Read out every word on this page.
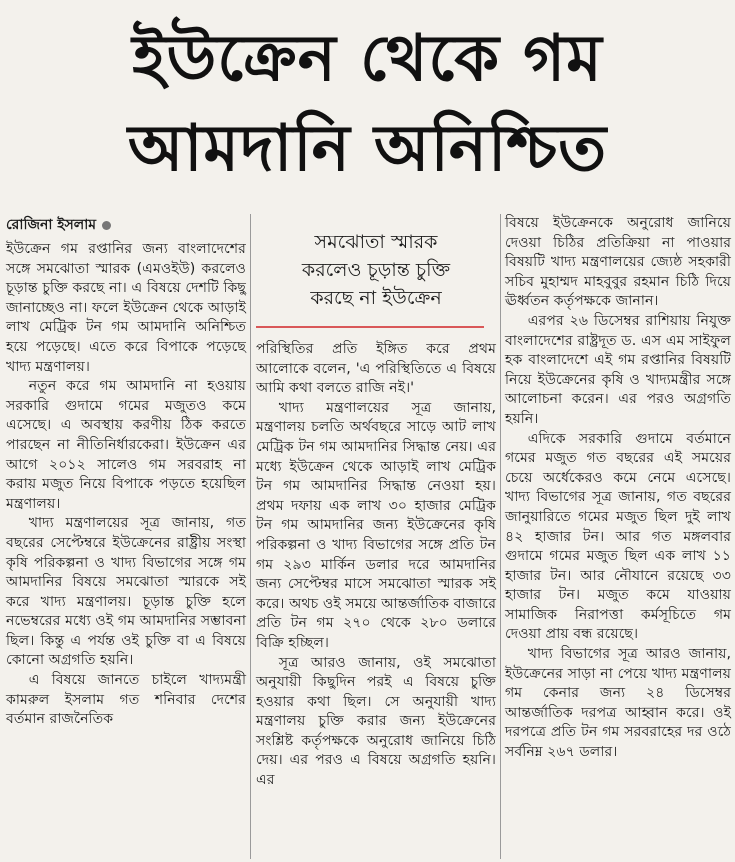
ইউক্রেন থেকে গম
আমদানি অনিশ্চিত
রোজিনা ইসলাম

ইউক্রেন গম রপ্তানির জন্য বাংলাদেশের সঙ্গে সমঝোতা স্মারক (এমওইউ) করলেও চূড়ান্ত চুক্তি করছে না। এ বিষয়ে দেশটি কিছু জানাচ্ছেও না। ফলে ইউক্রেন থেকে আড়াই লাখ মেট্রিক টন গম আমদানি অনিশ্চিত হয়ে পড়েছে। এতে করে বিপাকে পড়েছে খাদ্য মন্ত্রণালয়।

নতুন করে গম আমদানি না হওয়ায় সরকারি গুদামে গমের মজুতও কমে এসেছে। এ অবস্থায় করণীয় ঠিক করতে পারছেন না নীতিনির্ধারকেরা। ইউক্রেন এর আগে ২০১২ সালেও গম সরবরাহ না করায় মজুত নিয়ে বিপাকে পড়তে হয়েছিল মন্ত্রণালয়।

খাদ্য মন্ত্রণালয়ের সূত্র জানায়, গত বছরের সেপ্টেম্বরে ইউক্রেনের রাষ্ট্রীয় সংস্থা কৃষি পরিকল্পনা ও খাদ্য বিভাগের সঙ্গে গম আমদানির বিষয়ে সমঝোতা স্মারকে সই করে খাদ্য মন্ত্রণালয়। চূড়ান্ত চুক্তি হলে নভেম্বরের মধ্যে ওই গম আমদানির সম্ভাবনা ছিল। কিন্তু এ পর্যন্ত ওই চুক্তি বা এ বিষয়ে কোনো অগ্রগতি হয়নি।

এ বিষয়ে জানতে চাইলে খাদ্যমন্ত্রী কামরুল ইসলাম গত শনিবার দেশের বর্তমান রাজনৈতিক

সমঝোতা স্মারক
করলেও চূড়ান্ত চুক্তি
করছে না ইউক্রেন

পরিস্থিতির প্রতি ইঙ্গিত করে প্রথম আলোকে বলেন, 'এ পরিস্থিতিতে এ বিষয়ে আমি কথা বলতে রাজি নই।'

খাদ্য মন্ত্রণালয়ের সূত্র জানায়, মন্ত্রণালয় চলতি অর্থবছরে সাড়ে আট লাখ মেট্রিক টন গম আমদানির সিদ্ধান্ত নেয়। এর মধ্যে ইউক্রেন থেকে আড়াই লাখ মেট্রিক টন গম আমদানির সিদ্ধান্ত নেওয়া হয়। প্রথম দফায় এক লাখ ৩০ হাজার মেট্রিক টন গম আমদানির জন্য ইউক্রেনের কৃষি পরিকল্পনা ও খাদ্য বিভাগের সঙ্গে প্রতি টন গম ২৯৩ মার্কিন ডলার দরে আমদানির জন্য সেপ্টেম্বর মাসে সমঝোতা স্মারক সই করে। অথচ ওই সময়ে আন্তর্জাতিক বাজারে প্রতি টন গম ২৭০ থেকে ২৮০ ডলারে বিক্রি হচ্ছিল।

সূত্র আরও জানায়, ওই সমঝোতা অনুযায়ী কিছুদিন পরই এ বিষয়ে চুক্তি হওয়ার কথা ছিল। সে অনুযায়ী খাদ্য মন্ত্রণালয় চুক্তি করার জন্য ইউক্রেনের সংশ্লিষ্ট কর্তৃপক্ষকে অনুরোধ জানিয়ে চিঠি দেয়। এর পরও এ বিষয়ে অগ্রগতি হয়নি। এর

বিষয়ে ইউক্রেনকে অনুরোধ জানিয়ে দেওয়া চিঠির প্রতিক্রিয়া না পাওয়ার বিষয়টি খাদ্য মন্ত্রণালয়ের জ্যেষ্ঠ সহকারী সচিব মুহাম্মদ মাহবুবুর রহমান চিঠি দিয়ে ঊর্ধ্বতন কর্তৃপক্ষকে জানান।

এরপর ২৬ ডিসেম্বর রাশিয়ায় নিযুক্ত বাংলাদেশের রাষ্ট্রদূত ড. এস এম সাইফুল হক বাংলাদেশে এই গম রপ্তানির বিষয়টি নিয়ে ইউক্রেনের কৃষি ও খাদ্যমন্ত্রীর সঙ্গে আলোচনা করেন। এর পরও অগ্রগতি হয়নি।

এদিকে সরকারি গুদামে বর্তমানে গমের মজুত গত বছরের এই সময়ের চেয়ে অর্ধেকেরও কমে নেমে এসেছে। খাদ্য বিভাগের সূত্র জানায়, গত বছরের জানুয়ারিতে গমের মজুত ছিল দুই লাখ ৪২ হাজার টন। আর গত মঙ্গলবার গুদামে গমের মজুত ছিল এক লাখ ১১ হাজার টন। আর নৌযানে রয়েছে ৩৩ হাজার টন। মজুত কমে যাওয়ায় সামাজিক নিরাপত্তা কর্মসূচিতে গম দেওয়া প্রায় বন্ধ রয়েছে।

খাদ্য বিভাগের সূত্র আরও জানায়, ইউক্রেনের সাড়া না পেয়ে খাদ্য মন্ত্রণালয় গম কেনার জন্য ২৪ ডিসেম্বর আন্তর্জাতিক দরপত্র আহ্বান করে। ওই দরপত্রে প্রতি টন গম সরবরাহের দর ওঠে সর্বনিম্ন ২৬৭ ডলার।
